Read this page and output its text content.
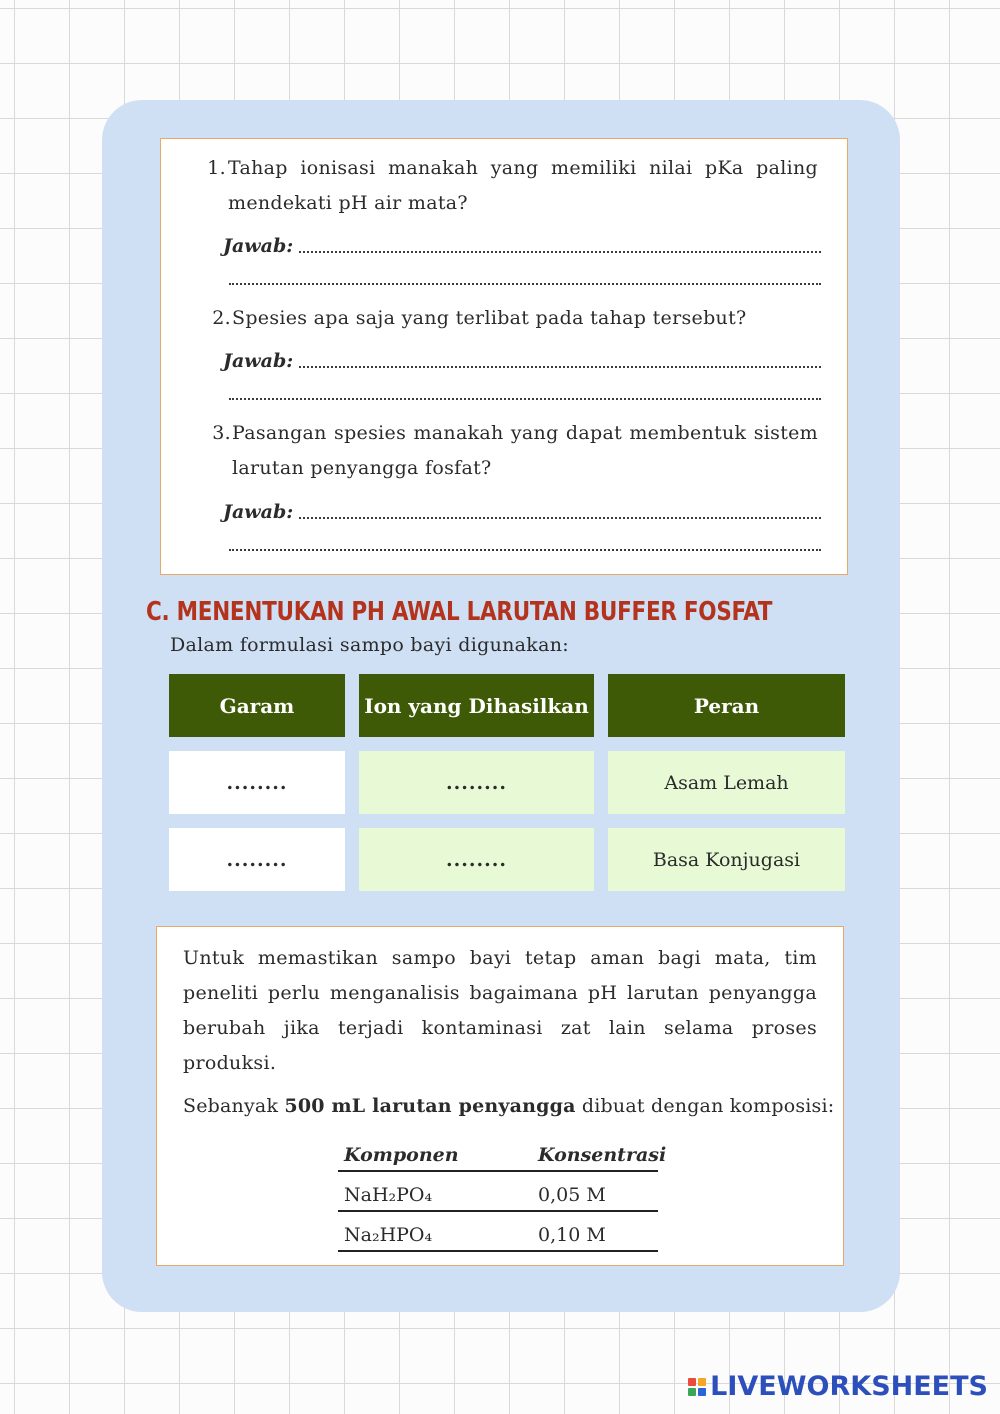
1. Tahap ionisasi manakah yang memiliki nilai pKa paling mendekati pH air mata?
Jawab:
2. Spesies apa saja yang terlibat pada tahap tersebut?
Jawab:
3. Pasangan spesies manakah yang dapat membentuk sistem larutan penyangga fosfat?
Jawab:
C. MENENTUKAN PH AWAL LARUTAN BUFFER FOSFAT
Dalam formulasi sampo bayi digunakan:
Garam	Ion yang Dihasilkan	Peran
........	........	Asam Lemah
........	........	Basa Konjugasi
Untuk memastikan sampo bayi tetap aman bagi mata, tim peneliti perlu menganalisis bagaimana pH larutan penyangga berubah jika terjadi kontaminasi zat lain selama proses produksi.
Sebanyak 500 mL larutan penyangga dibuat dengan komposisi:
Komponen	Konsentrasi
NaH₂PO₄	0,05 M
Na₂HPO₄	0,10 M
LIVEWORKSHEETS
